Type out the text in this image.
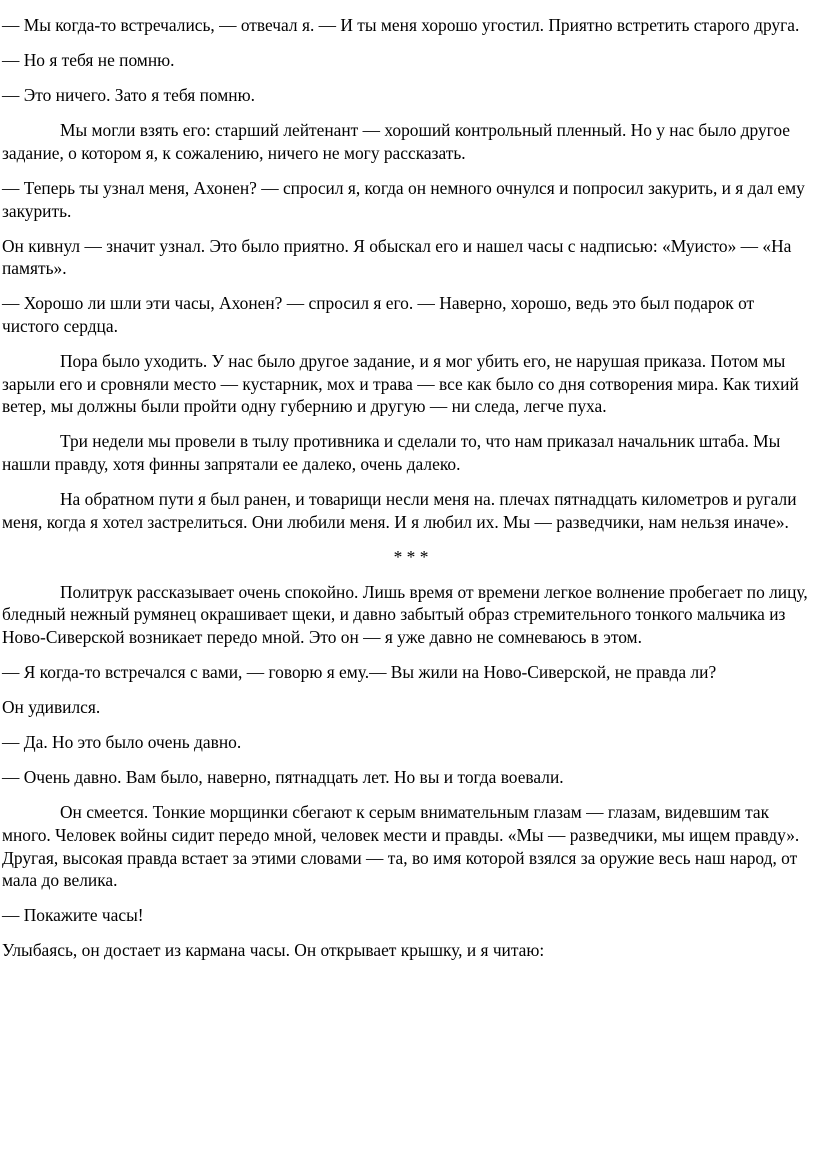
— Мы когда-то встречались, — отвечал я. — И ты меня хорошо угостил. Приятно встретить старого друга.

— Но я тебя не помню.

— Это ничего. Зато я тебя помню.

Мы могли взять его: старший лейтенант — хороший контрольный пленный. Но у нас было другое задание, о котором я, к сожалению, ничего не могу рассказать.

— Теперь ты узнал меня, Ахонен? — спросил я, когда он немного очнулся и попросил закурить, и я дал ему закурить.

Он кивнул — значит узнал. Это было приятно. Я обыскал его и нашел часы с надписью: «Муисто» — «На память».

— Хорошо ли шли эти часы, Ахонен? — спросил я его. — Наверно, хорошо, ведь это был подарок от чистого сердца.

Пора было уходить. У нас было другое задание, и я мог убить его, не нарушая приказа. Потом мы зарыли его и сровняли место — кустарник, мох и трава — все как было со дня сотворения мира. Как тихий ветер, мы должны были пройти одну губернию и другую — ни следа, легче пуха.

Три недели мы провели в тылу противника и сделали то, что нам приказал начальник штаба. Мы нашли правду, хотя финны запрятали ее далеко, очень далеко.

На обратном пути я был ранен, и товарищи несли меня на. плечах пятнадцать километров и ругали меня, когда я хотел застрелиться. Они любили меня. И я любил их. Мы — разведчики, нам нельзя иначе».

* * *

Политрук рассказывает очень спокойно. Лишь время от времени легкое волнение пробегает по лицу, бледный нежный румянец окрашивает щеки, и давно забытый образ стремительного тонкого мальчика из Ново-Сиверской возникает передо мной. Это он — я уже давно не сомневаюсь в этом.

— Я когда-то встречался с вами, — говорю я ему.— Вы жили на Ново-Сиверской, не правда ли?

Он удивился.

— Да. Но это было очень давно.

— Очень давно. Вам было, наверно, пятнадцать лет. Но вы и тогда воевали.

Он смеется. Тонкие морщинки сбегают к серым внимательным глазам — глазам, видевшим так много. Человек войны сидит передо мной, человек мести и правды. «Мы — разведчики, мы ищем правду». Другая, высокая правда встает за этими словами — та, во имя которой взялся за оружие весь наш народ, от мала до велика.

— Покажите часы!

Улыбаясь, он достает из кармана часы. Он открывает крышку, и я читаю:
